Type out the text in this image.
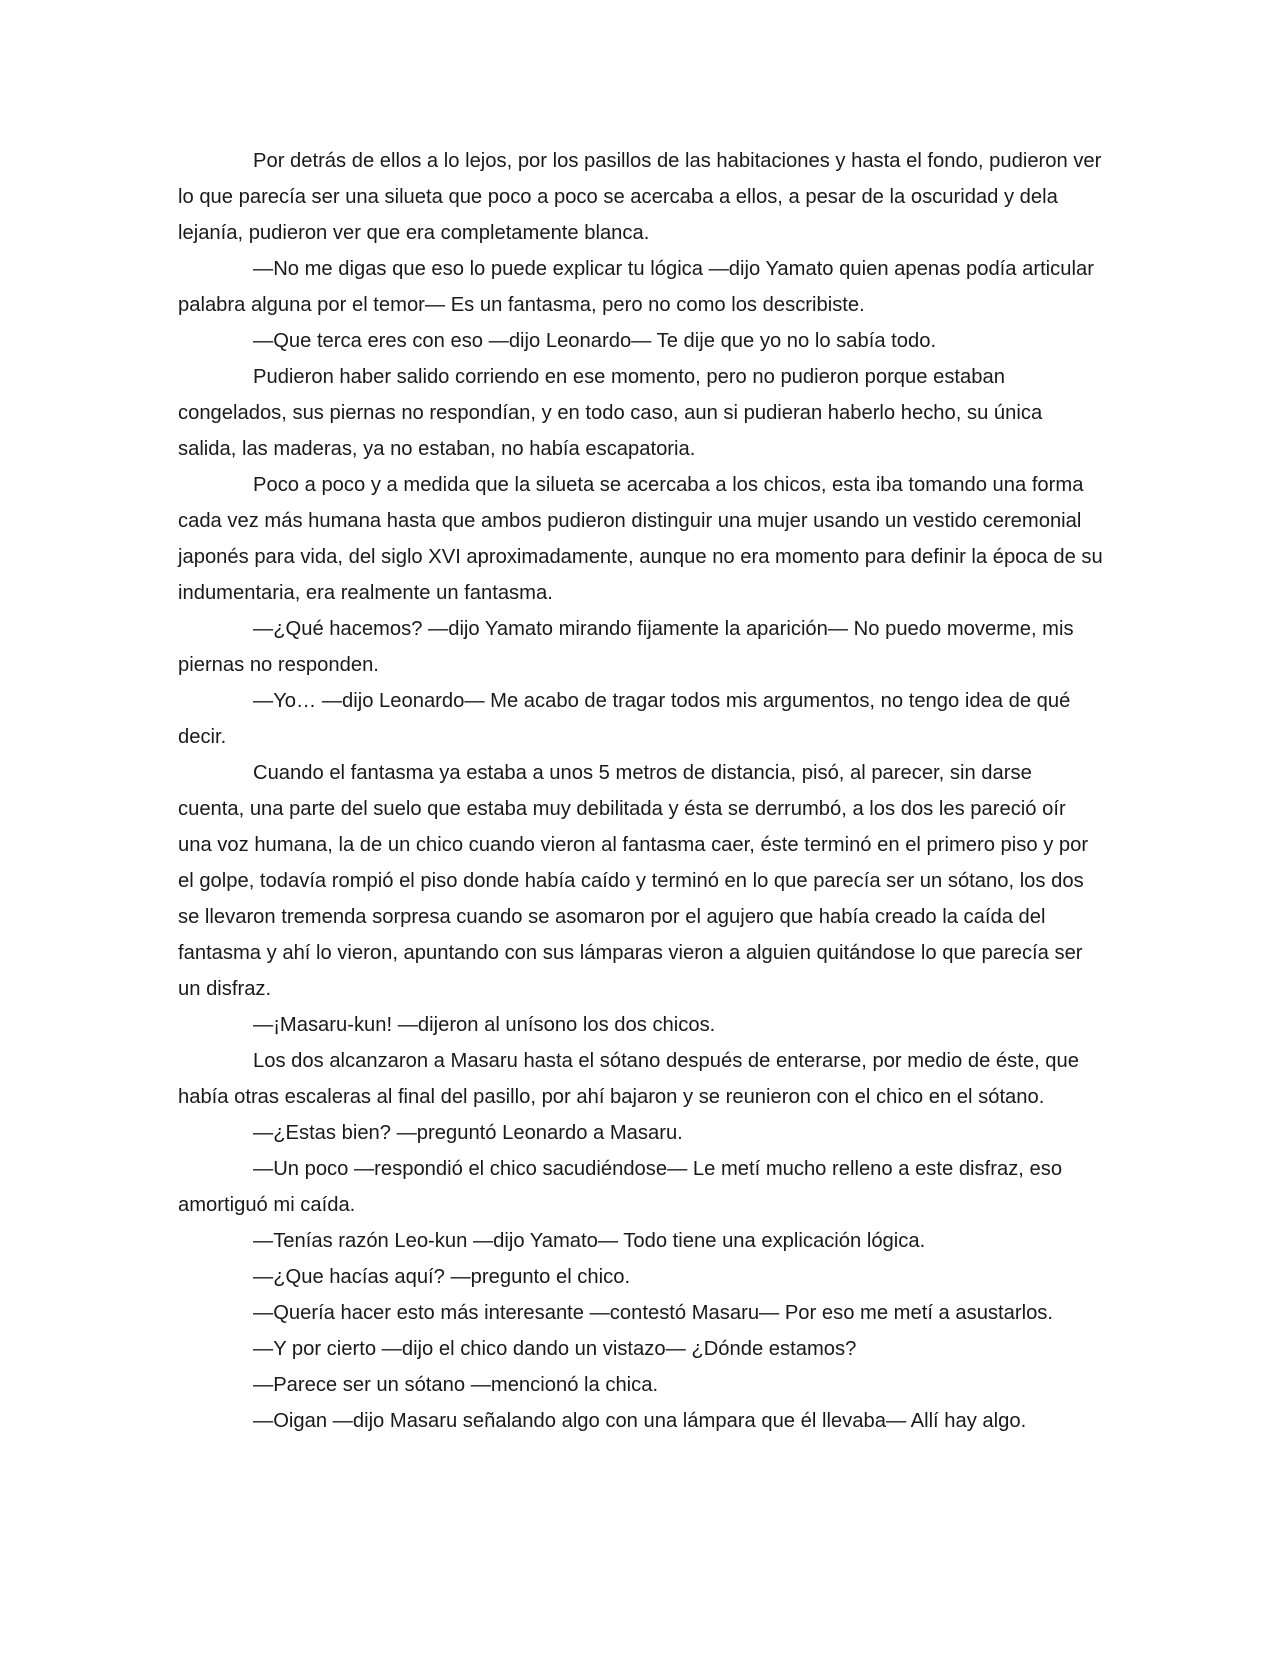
Por detrás de ellos a lo lejos, por los pasillos de las habitaciones y hasta el fondo, pudieron ver lo que parecía ser una silueta que poco a poco se acercaba a ellos, a pesar de la oscuridad y dela lejanía, pudieron ver que era completamente blanca.

—No me digas que eso lo puede explicar tu lógica —dijo Yamato quien apenas podía articular palabra alguna por el temor— Es un fantasma, pero no como los describiste.

—Que terca eres con eso —dijo Leonardo— Te dije que yo no lo sabía todo.

Pudieron haber salido corriendo en ese momento, pero no pudieron porque estaban congelados, sus piernas no respondían, y en todo caso, aun si pudieran haberlo hecho, su única salida, las maderas, ya no estaban, no había escapatoria.

Poco a poco y a medida que la silueta se acercaba a los chicos, esta iba tomando una forma cada vez más humana hasta que ambos pudieron distinguir una mujer usando un vestido ceremonial japonés para vida, del siglo XVI aproximadamente, aunque no era momento para definir la época de su indumentaria, era realmente un fantasma.

—¿Qué hacemos? —dijo Yamato mirando fijamente la aparición— No puedo moverme, mis piernas no responden.

—Yo… —dijo Leonardo— Me acabo de tragar todos mis argumentos, no tengo idea de qué decir.

Cuando el fantasma ya estaba a unos 5 metros de distancia, pisó, al parecer, sin darse cuenta, una parte del suelo que estaba muy debilitada y ésta se derrumbó, a los dos les pareció oír una voz humana, la de un chico cuando vieron al fantasma caer, éste terminó en el primero piso y por el golpe, todavía rompió el piso donde había caído y terminó en lo que parecía ser un sótano, los dos se llevaron tremenda sorpresa cuando se asomaron por el agujero que había creado la caída del fantasma y ahí lo vieron, apuntando con sus lámparas vieron a alguien quitándose lo que parecía ser un disfraz.

—¡Masaru-kun! —dijeron al unísono los dos chicos.

Los dos alcanzaron a Masaru hasta el sótano después de enterarse, por medio de éste, que había otras escaleras al final del pasillo, por ahí bajaron y se reunieron con el chico en el sótano.

—¿Estas bien? —preguntó Leonardo a Masaru.

—Un poco —respondió el chico sacudiéndose— Le metí mucho relleno a este disfraz, eso amortiguó mi caída.

—Tenías razón Leo-kun —dijo Yamato— Todo tiene una explicación lógica.

—¿Que hacías aquí? —pregunto el chico.

—Quería hacer esto más interesante —contestó Masaru— Por eso me metí a asustarlos.

—Y por cierto —dijo el chico dando un vistazo— ¿Dónde estamos?

—Parece ser un sótano —mencionó la chica.

—Oigan —dijo Masaru señalando algo con una lámpara que él llevaba— Allí hay algo.
